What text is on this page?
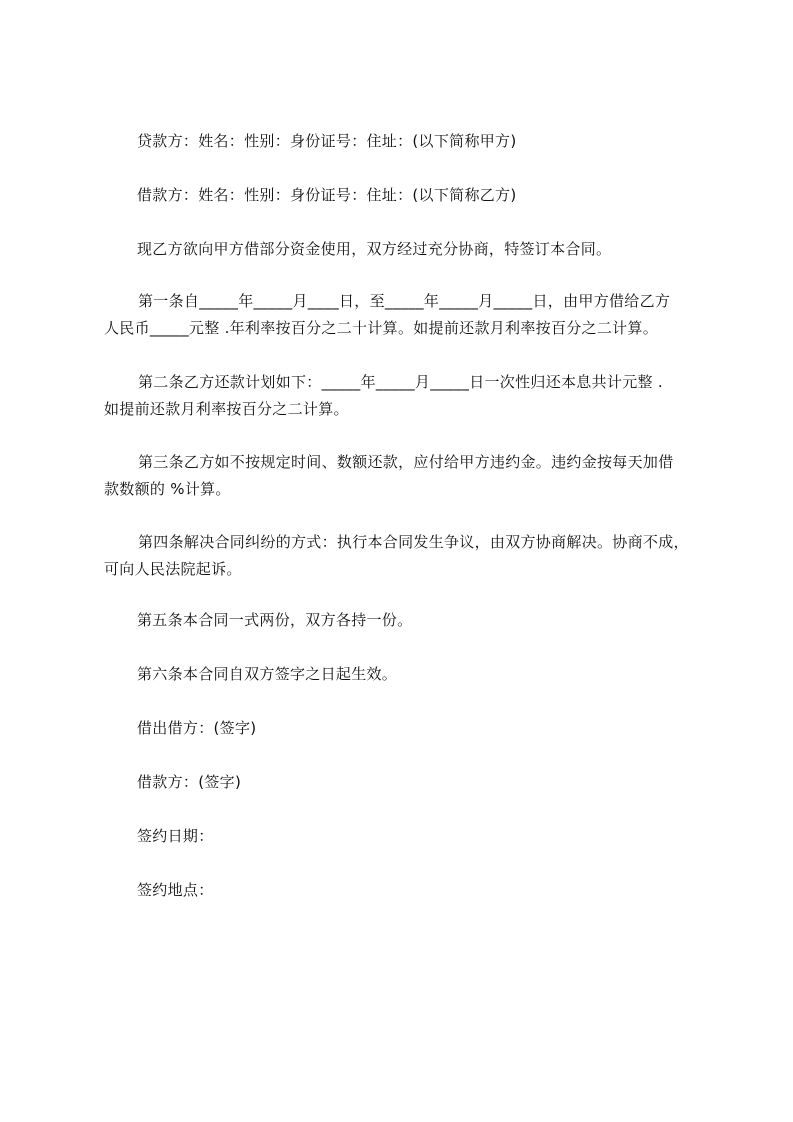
贷款方：姓名：性别：身份证号：住址：(以下简称甲方)
借款方：姓名：性别：身份证号：住址：(以下简称乙方)
现乙方欲向甲方借部分资金使用，双方经过充分协商，特签订本合同。
第一条自_____年_____月____日，至_____年_____月_____日，由甲方借给乙方
人民币_____元整 .年利率按百分之二十计算。如提前还款月利率按百分之二计算。
第二条乙方还款计划如下：_____年_____月_____日一次性归还本息共计元整 .
如提前还款月利率按百分之二计算。
第三条乙方如不按规定时间、数额还款，应付给甲方违约金。违约金按每天加借
款数额的 %计算。
第四条解决合同纠纷的方式：执行本合同发生争议，由双方协商解决。协商不成，
可向人民法院起诉。
第五条本合同一式两份，双方各持一份。
第六条本合同自双方签字之日起生效。
借出借方：(签字)
借款方：(签字)
签约日期：
签约地点：
